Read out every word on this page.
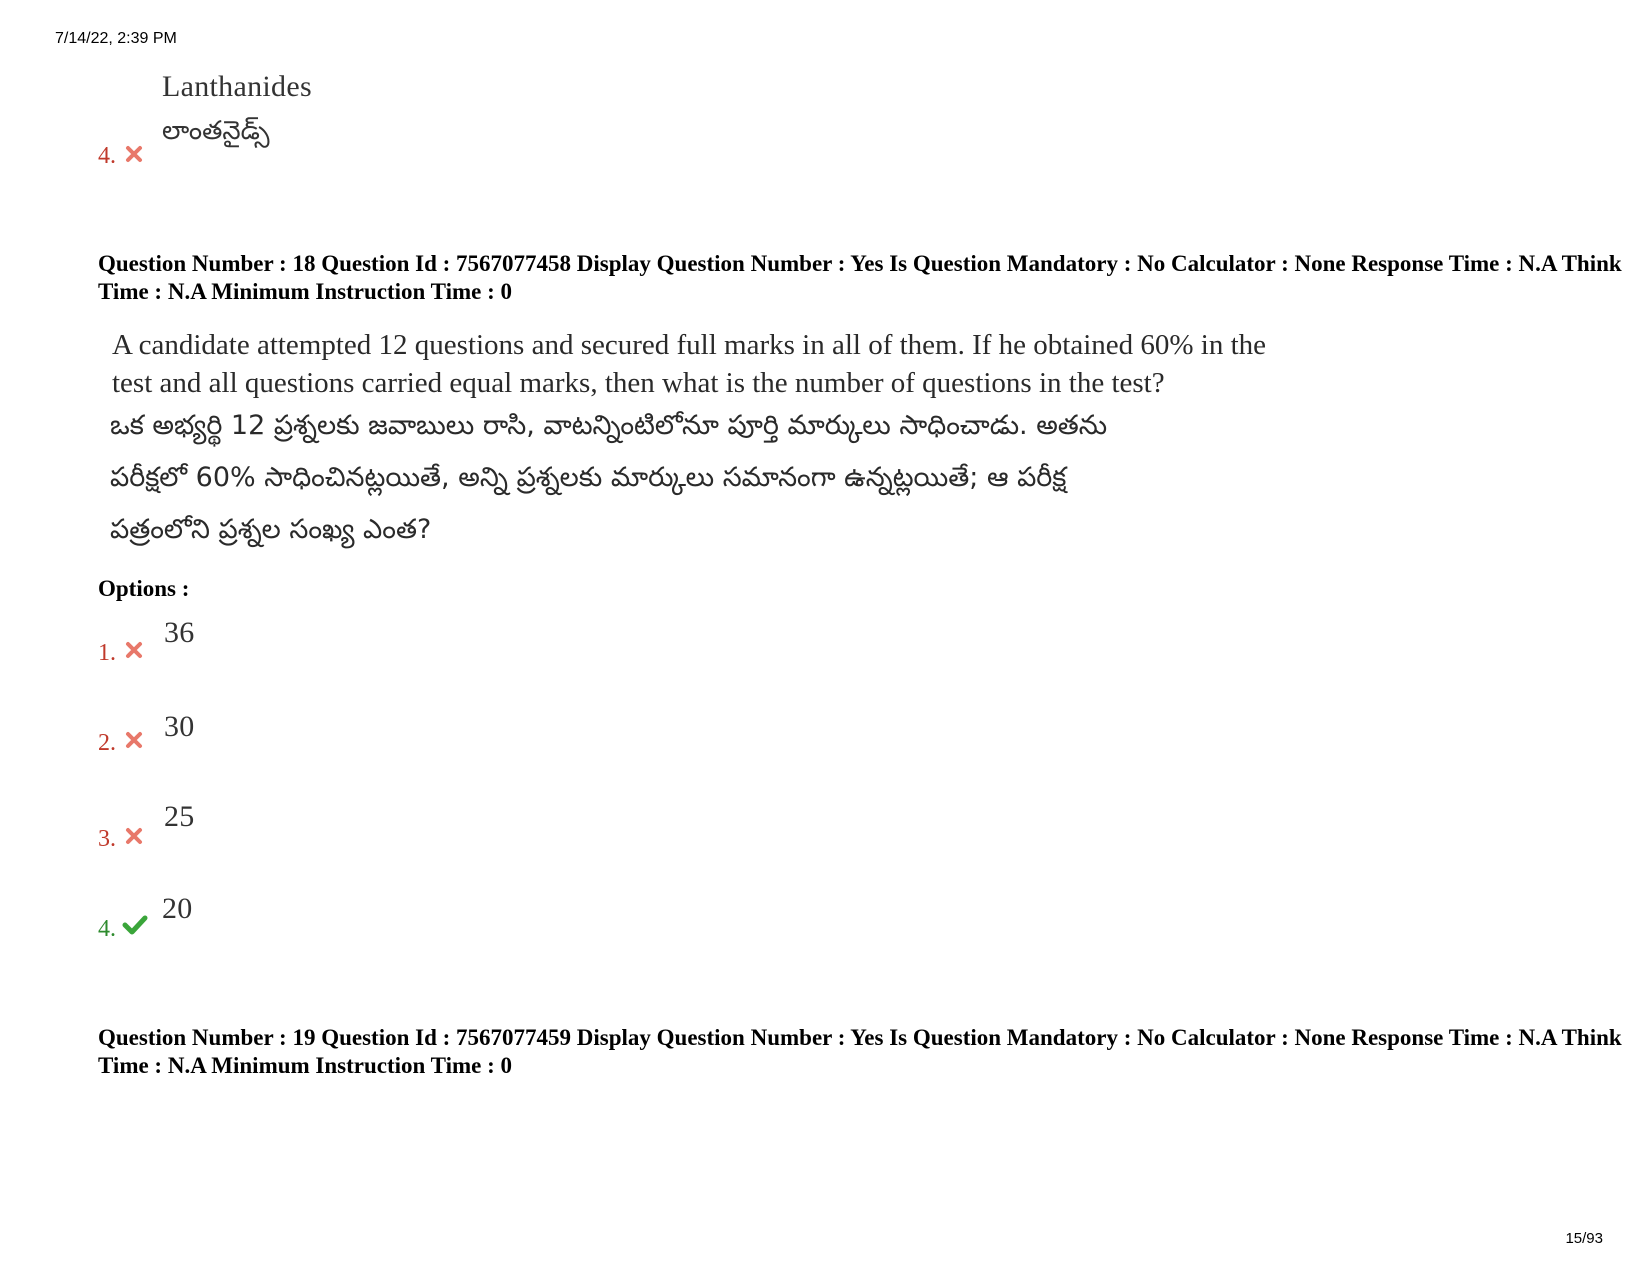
7/14/22, 2:39 PM
4.
Lanthanides
లాంతనైడ్స్
Question Number : 18 Question Id : 7567077458 Display Question Number : Yes Is Question Mandatory : No Calculator : None Response Time : N.A Think Time : N.A Minimum Instruction Time : 0
A candidate attempted 12 questions and secured full marks in all of them. If he obtained 60% in the
test and all questions carried equal marks, then what is the number of questions in the test?
ఒక అభ్యర్థి 12 ప్రశ్నలకు జవాబులు రాసి, వాటన్నింటిలోనూ పూర్తి మార్కులు సాధించాడు. అతను
పరీక్షలో 60% సాధించినట్లయితే, అన్ని ప్రశ్నలకు మార్కులు సమానంగా ఉన్నట్లయితే; ఆ పరీక్ష
పత్రంలోని ప్రశ్నల సంఖ్య ఎంత?
Options :
1.
36
2. 30
3.
25
4.
20
Question Number : 19 Question Id : 7567077459 Display Question Number : Yes Is Question Mandatory : No Calculator : None Response Time : N.A Think Time : N.A Minimum Instruction Time : 0
15/93
